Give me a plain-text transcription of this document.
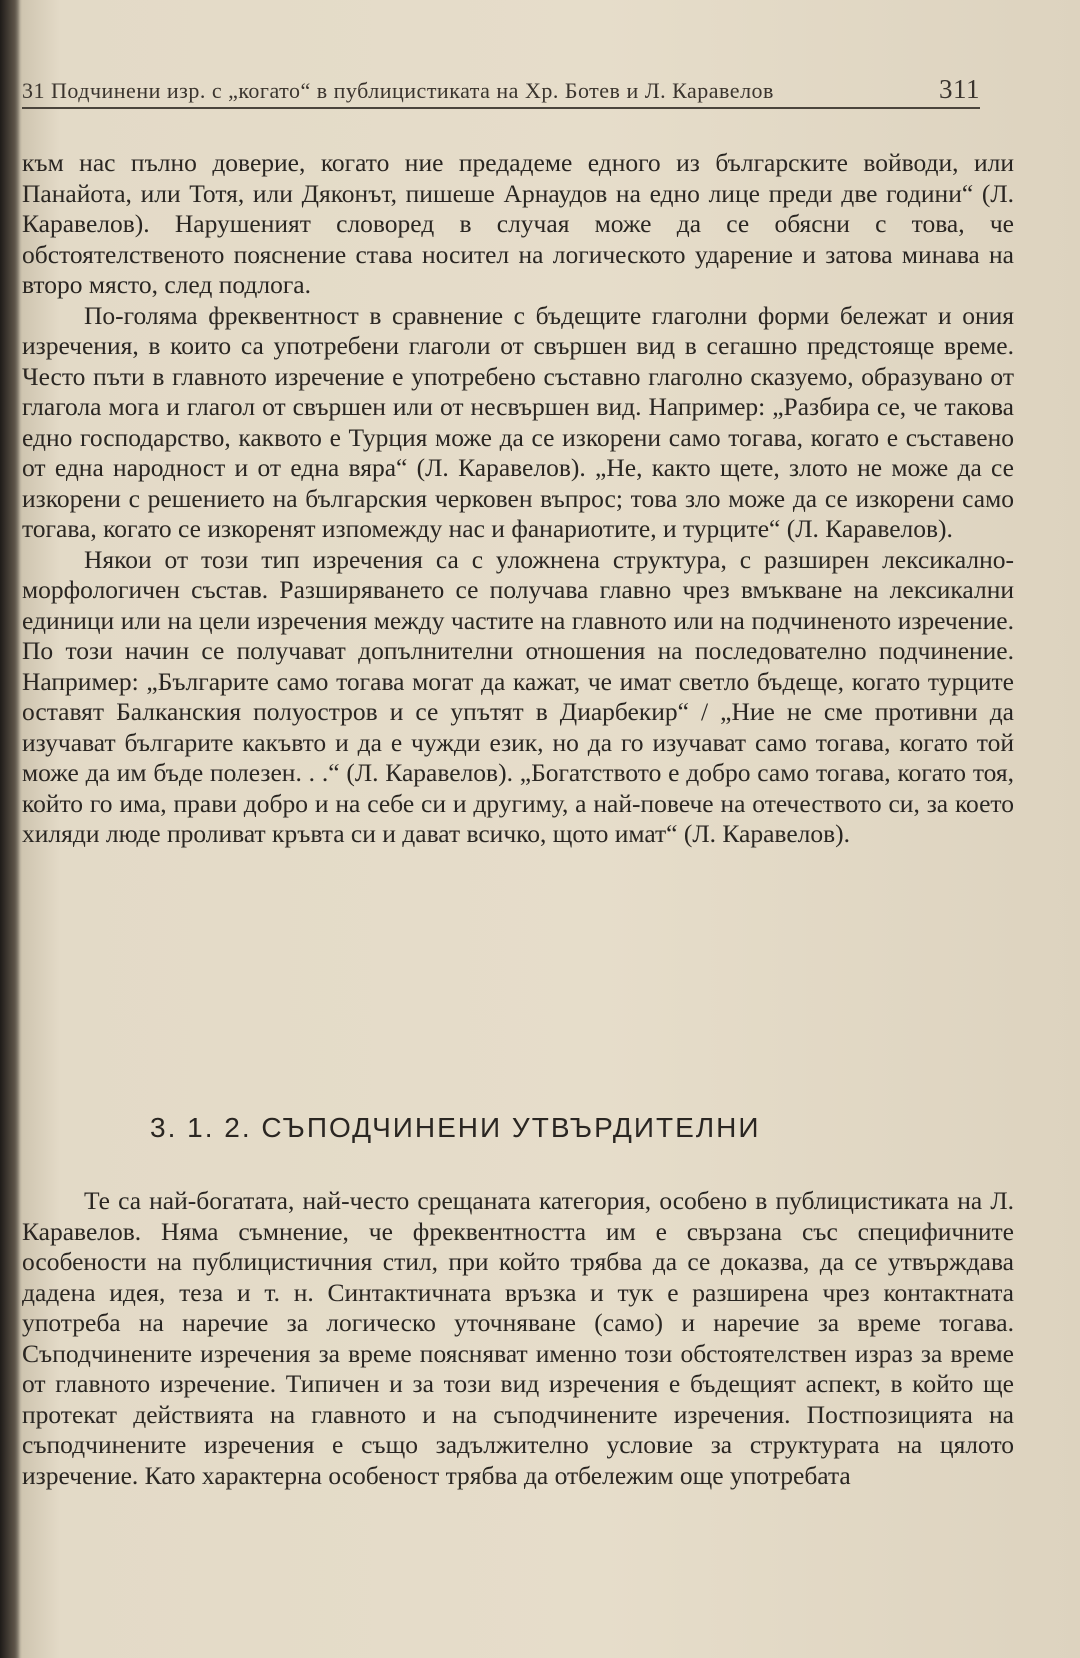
31 Подчинени изр. с „когато“ в публицистиката на Хр. Ботев и Л. Каравелов	311

към нас пълно доверие, когато ние предадеме едного из българските войводи, или Панайота, или Тотя, или Дяконът, пишеше Арнаудов на едно лице преди две години“ (Л. Каравелов). Нарушеният словоред в случая може да се обясни с това, че обстоятелственото пояснение става носител на логическото ударение и затова минава на второ място, след подлога.

По-голяма фреквентност в сравнение с бъдещите глаголни форми бележат и ония изречения, в които са употребени глаголи от свършен вид в сегашно предстояще време. Често пъти в главното изречение е употребено съставно глаголно сказуемо, образувано от глагола мога и глагол от свършен или от несвършен вид. Например: „Разбира се, че такова едно господарство, каквото е Турция може да се изкорени само тогава, когато е съставено от една народност и от една вяра“ (Л. Каравелов). „Не, както щете, злото не може да се изкорени с решението на българския черковен въпрос; това зло може да се изкорени само тогава, когато се изкоренят изпомежду нас и фанариотите, и турците“ (Л. Каравелов).

Някои от този тип изречения са с уложнена структура, с разширен лексикално-морфологичен състав. Разширяването се получава главно чрез вмъкване на лексикални единици или на цели изречения между частите на главното или на подчиненото изречение. По този начин се получават допълнителни отношения на последователно подчинение. Например: „Българите само тогава могат да кажат, че имат светло бъдеще, когато турците оставят Балканския полуостров и се упътят в Диарбекир“ / „Ние не сме противни да изучават българите какъвто и да е чужди език, но да го изучават само тогава, когато той може да им бъде полезен. . .“ (Л. Каравелов). „Богатството е добро само тогава, когато тоя, който го има, прави добро и на себе си и другиму, а най-повече на отечеството си, за което хиляди люде проливат кръвта си и дават всичко, щото имат“ (Л. Каравелов).

3. 1. 2. СЪПОДЧИНЕНИ УТВЪРДИТЕЛНИ

Те са най-богатата, най-често срещаната категория, особено в публицистиката на Л. Каравелов. Няма съмнение, че фреквентността им е свързана със специфичните особености на публицистичния стил, при който трябва да се доказва, да се утвърждава дадена идея, теза и т. н. Синтактичната връзка и тук е разширена чрез контактната употреба на наречие за логическо уточняване (само) и наречие за време тогава. Съподчинените изречения за време поясняват именно този обстоятелствен израз за време от главното изречение. Типичен и за този вид изречения е бъдещият аспект, в който ще протекат действията на главното и на съподчинените изречения. Постпозицията на съподчинените изречения е също задължително условие за структурата на цялото изречение. Като характерна особеност трябва да отбележим още употребата
